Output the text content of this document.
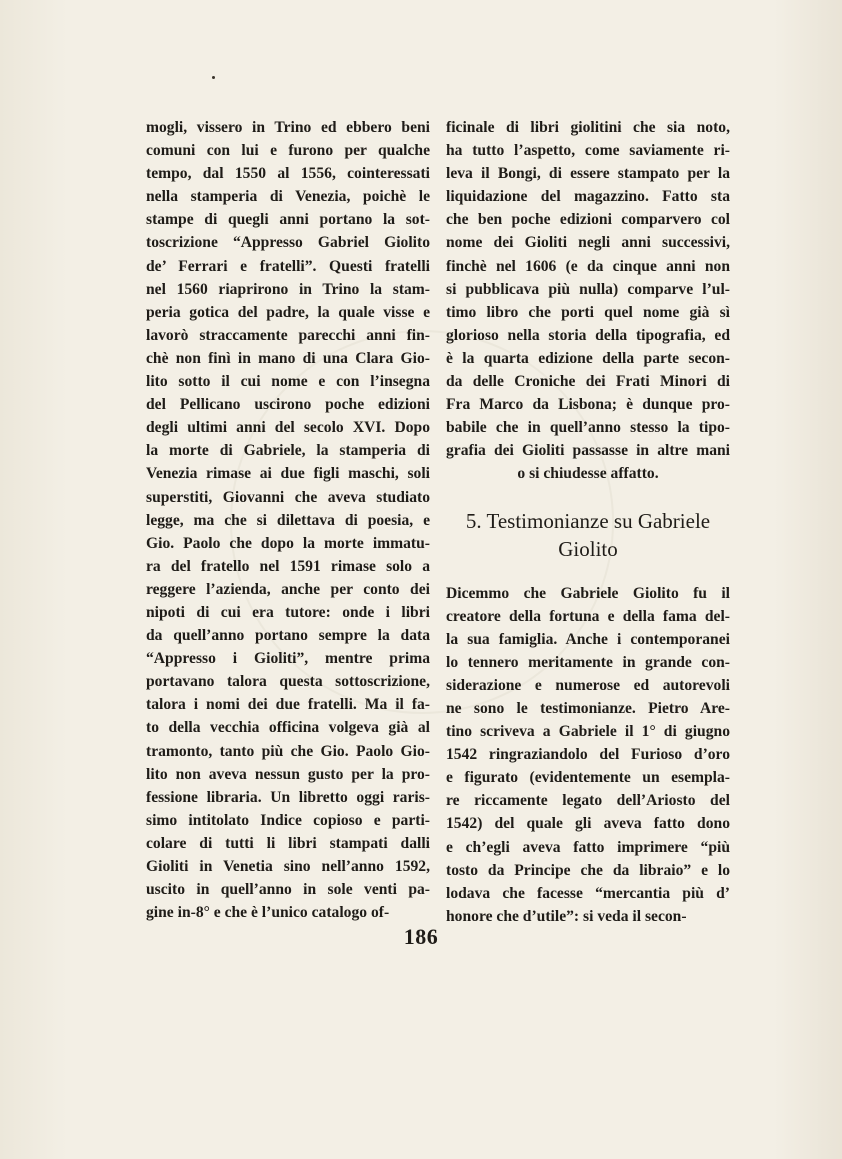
mogli, vissero in Trino ed ebbero beni
comuni con lui e furono per qualche
tempo, dal 1550 al 1556, cointeressati
nella stamperia di Venezia, poichè le
stampe di quegli anni portano la sot-
toscrizione “Appresso Gabriel Giolito
de’ Ferrari e fratelli”. Questi fratelli
nel 1560 riaprirono in Trino la stam-
peria gotica del padre, la quale visse e
lavorò straccamente parecchi anni fin-
chè non finì in mano di una Clara Gio-
lito sotto il cui nome e con l’insegna
del Pellicano uscirono poche edizioni
degli ultimi anni del secolo XVI. Dopo
la morte di Gabriele, la stamperia di
Venezia rimase ai due figli maschi, soli
superstiti, Giovanni che aveva studiato
legge, ma che si dilettava di poesia, e
Gio. Paolo che dopo la morte immatu-
ra del fratello nel 1591 rimase solo a
reggere l’azienda, anche per conto dei
nipoti di cui era tutore: onde i libri
da quell’anno portano sempre la data
“Appresso i Gioliti”, mentre prima
portavano talora questa sottoscrizione,
talora i nomi dei due fratelli. Ma il fa-
to della vecchia officina volgeva già al
tramonto, tanto più che Gio. Paolo Gio-
lito non aveva nessun gusto per la pro-
fessione libraria. Un libretto oggi raris-
simo intitolato Indice copioso e parti-
colare di tutti li libri stampati dalli
Gioliti in Venetia sino nell’anno 1592,
uscito in quell’anno in sole venti pa-
gine in-8° e che è l’unico catalogo of-
ficinale di libri giolitini che sia noto,
ha tutto l’aspetto, come saviamente ri-
leva il Bongi, di essere stampato per la
liquidazione del magazzino. Fatto sta
che ben poche edizioni comparvero col
nome dei Gioliti negli anni successivi,
finchè nel 1606 (e da cinque anni non
si pubblicava più nulla) comparve l’ul-
timo libro che porti quel nome già sì
glorioso nella storia della tipografia, ed
è la quarta edizione della parte secon-
da delle Croniche dei Frati Minori di
Fra Marco da Lisbona; è dunque pro-
babile che in quell’anno stesso la tipo-
grafia dei Gioliti passasse in altre mani
o si chiudesse affatto.
5. Testimonianze su Gabriele
Giolito
Dicemmo che Gabriele Giolito fu il
creatore della fortuna e della fama del-
la sua famiglia. Anche i contemporanei
lo tennero meritamente in grande con-
siderazione e numerose ed autorevoli
ne sono le testimonianze. Pietro Are-
tino scriveva a Gabriele il 1° di giugno
1542 ringraziandolo del Furioso d’oro
e figurato (evidentemente un esempla-
re riccamente legato dell’Ariosto del
1542) del quale gli aveva fatto dono
e ch’egli aveva fatto imprimere “più
tosto da Principe che da libraio” e lo
lodava che facesse “mercantia più d’
honore che d’utile”: si veda il secon-
186
